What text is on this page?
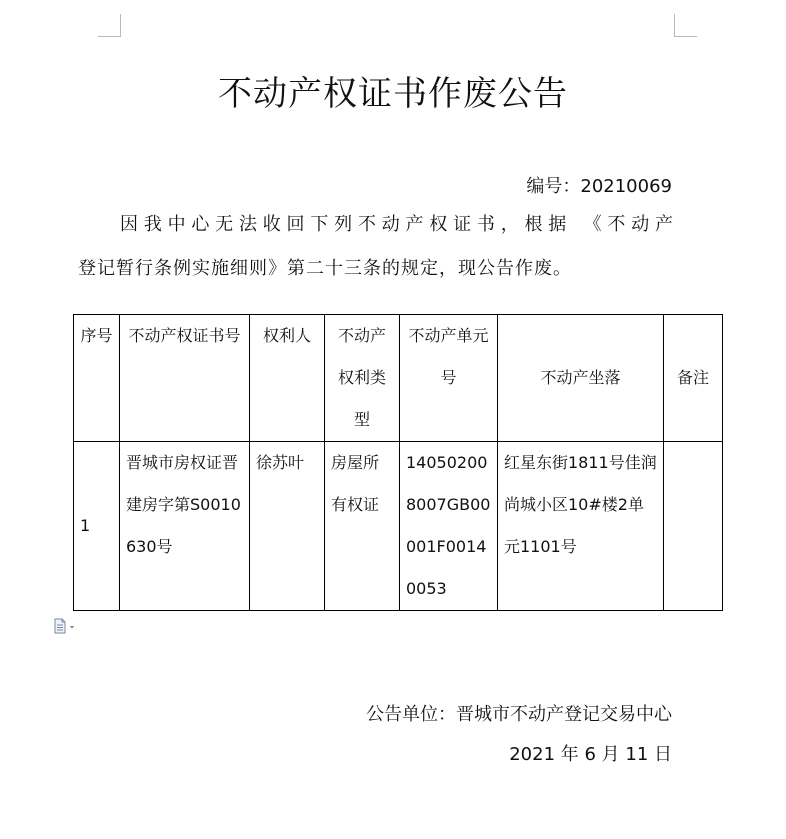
不动产权证书作废公告
编号：20210069
因我中心无法收回下列不动产权证书，根据 《不动产
登记暂行条例实施细则》第二十三条的规定，现公告作废。
序号	不动产权证书号	权利人	不动产权利类型	不动产单元号	不动产坐落	备注
1	晋城市房权证晋建房字第S0010630号	徐苏叶	房屋所有权证	140502008007GB00001F00140053	红星东街1811号佳润尚城小区10#楼2单元1101号	
公告单位：晋城市不动产登记交易中心
2021 年 6 月 11 日
